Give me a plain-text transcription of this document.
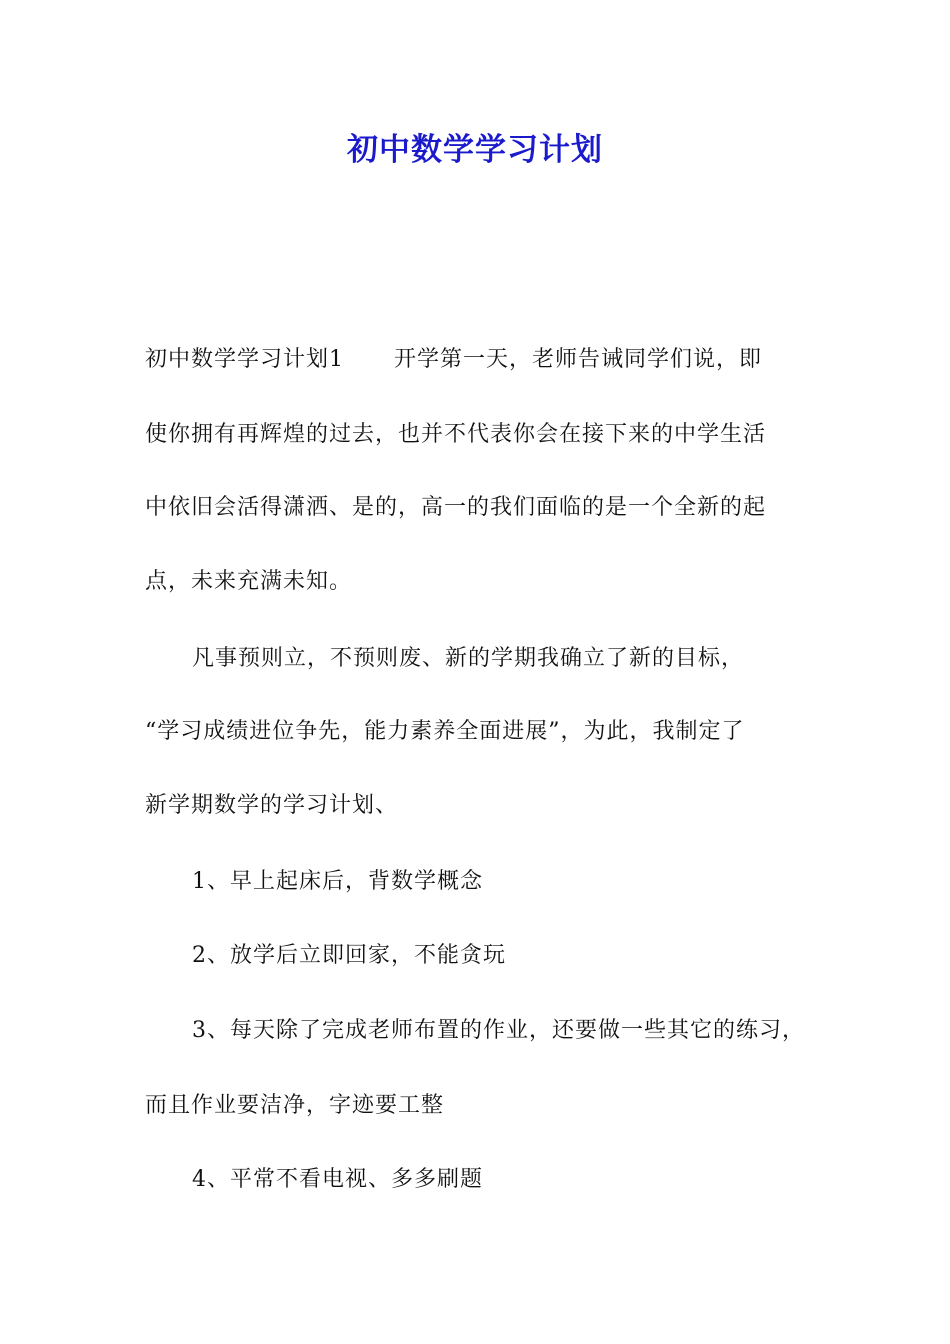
初中数学学习计划
初中数学学习计划1 开学第一天，老师告诫同学们说，即
使你拥有再辉煌的过去，也并不代表你会在接下来的中学生活
中依旧会活得潇洒、是的，高一的我们面临的是一个全新的起
点，未来充满未知。
凡事预则立，不预则废、新的学期我确立了新的目标，
“学习成绩进位争先，能力素养全面进展”，为此，我制定了
新学期数学的学习计划、
1、早上起床后，背数学概念
2、放学后立即回家，不能贪玩
3、每天除了完成老师布置的作业，还要做一些其它的练习，
而且作业要洁净，字迹要工整
4、平常不看电视、多多刷题
